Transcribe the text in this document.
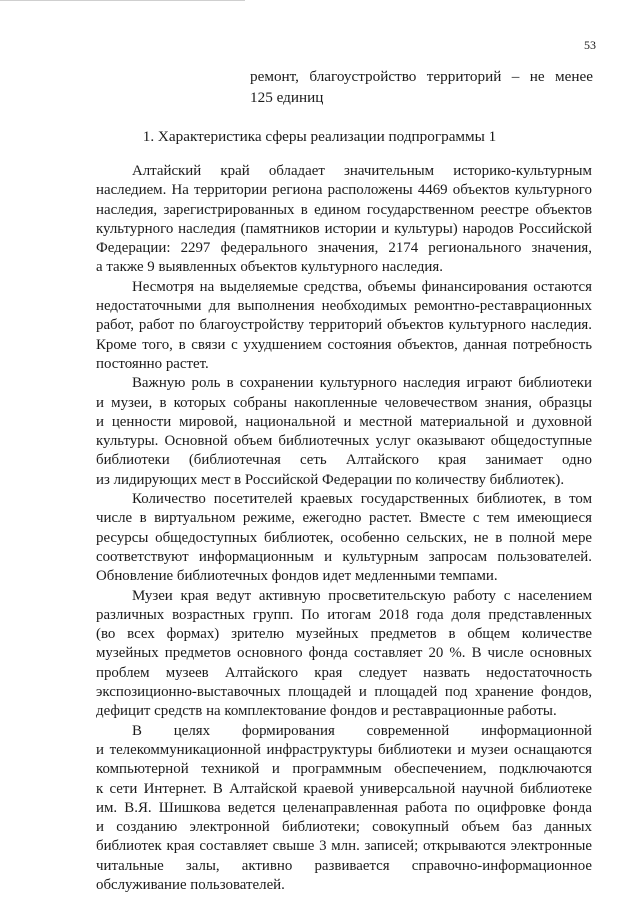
53
ремонт, благоустройство территорий – не менее
125 единиц
1. Характеристика сферы реализации подпрограммы 1
Алтайский край обладает значительным историко-культурным
наследием. На территории региона расположены 4469 объектов культурного
наследия, зарегистрированных в едином государственном реестре объектов
культурного наследия (памятников истории и культуры) народов Российской
Федерации: 2297 федерального значения, 2174 регионального значения,
а также 9 выявленных объектов культурного наследия.
Несмотря на выделяемые средства, объемы финансирования остаются
недостаточными для выполнения необходимых ремонтно-реставрационных
работ, работ по благоустройству территорий объектов культурного наследия.
Кроме того, в связи с ухудшением состояния объектов, данная потребность
постоянно растет.
Важную роль в сохранении культурного наследия играют библиотеки
и музеи, в которых собраны накопленные человечеством знания, образцы
и ценности мировой, национальной и местной материальной и духовной
культуры. Основной объем библиотечных услуг оказывают общедоступные
библиотеки (библиотечная сеть Алтайского края занимает одно
из лидирующих мест в Российской Федерации по количеству библиотек).
Количество посетителей краевых государственных библиотек, в том
числе в виртуальном режиме, ежегодно растет. Вместе с тем имеющиеся
ресурсы общедоступных библиотек, особенно сельских, не в полной мере
соответствуют информационным и культурным запросам пользователей.
Обновление библиотечных фондов идет медленными темпами.
Музеи края ведут активную просветительскую работу с населением
различных возрастных групп. По итогам 2018 года доля представленных
(во всех формах) зрителю музейных предметов в общем количестве
музейных предметов основного фонда составляет 20 %. В числе основных
проблем музеев Алтайского края следует назвать недостаточность
экспозиционно-выставочных площадей и площадей под хранение фондов,
дефицит средств на комплектование фондов и реставрационные работы.
В целях формирования современной информационной
и телекоммуникационной инфраструктуры библиотеки и музеи оснащаются
компьютерной техникой и программным обеспечением, подключаются
к сети Интернет. В Алтайской краевой универсальной научной библиотеке
им. В.Я. Шишкова ведется целенаправленная работа по оцифровке фонда
и созданию электронной библиотеки; совокупный объем баз данных
библиотек края составляет свыше 3 млн. записей; открываются электронные
читальные залы, активно развивается справочно-информационное
обслуживание пользователей.
